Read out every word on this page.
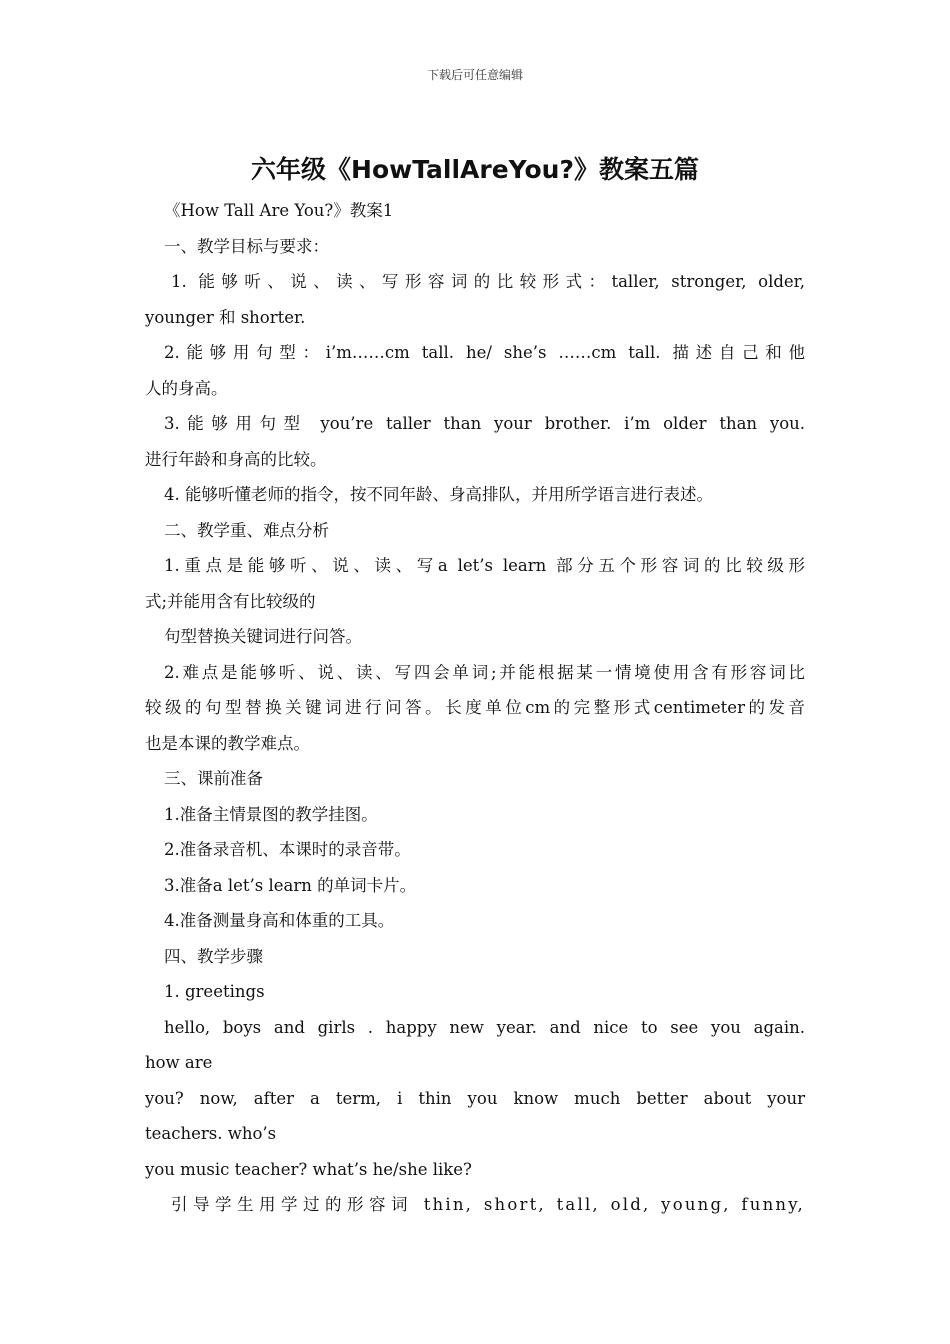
下载后可任意编辑
六年级《HowTallAreYou?》教案五篇

《How Tall Are You?》教案1

一、教学目标与要求：

1. 能够听、说、读、写形容词的比较形式：taller, stronger, older,

younger 和 shorter.

2.能够用句型：i’m……cm tall. he/ she’s ……cm tall. 描述自己和他

人的身高。

3.能够用句型 you’re taller than your brother. i’m older than you.

进行年龄和身高的比较。

4. 能够听懂老师的指令，按不同年龄、身高排队，并用所学语言进行表述。

二、教学重、难点分析

1.重点是能够听、说、读、写a let’s learn 部分五个形容词的比较级形

式;并能用含有比较级的

句型替换关键词进行问答。

2.难点是能够听、说、读、写四会单词;并能根据某一情境使用含有形容词比

较级的句型替换关键词进行问答。长度单位cm的完整形式centimeter的发音

也是本课的教学难点。

三、课前准备

1.准备主情景图的教学挂图。

2.准备录音机、本课时的录音带。

3.准备a let’s learn 的单词卡片。

4.准备测量身高和体重的工具。

四、教学步骤

1. greetings

hello, boys and girls . happy new year. and nice to see you again.

how are

you? now, after a term, i thin you know much better about your

teachers. who’s

you music teacher? what’s he/she like?

引导学生用学过的形容词 thin, short, tall, old, young, funny,
